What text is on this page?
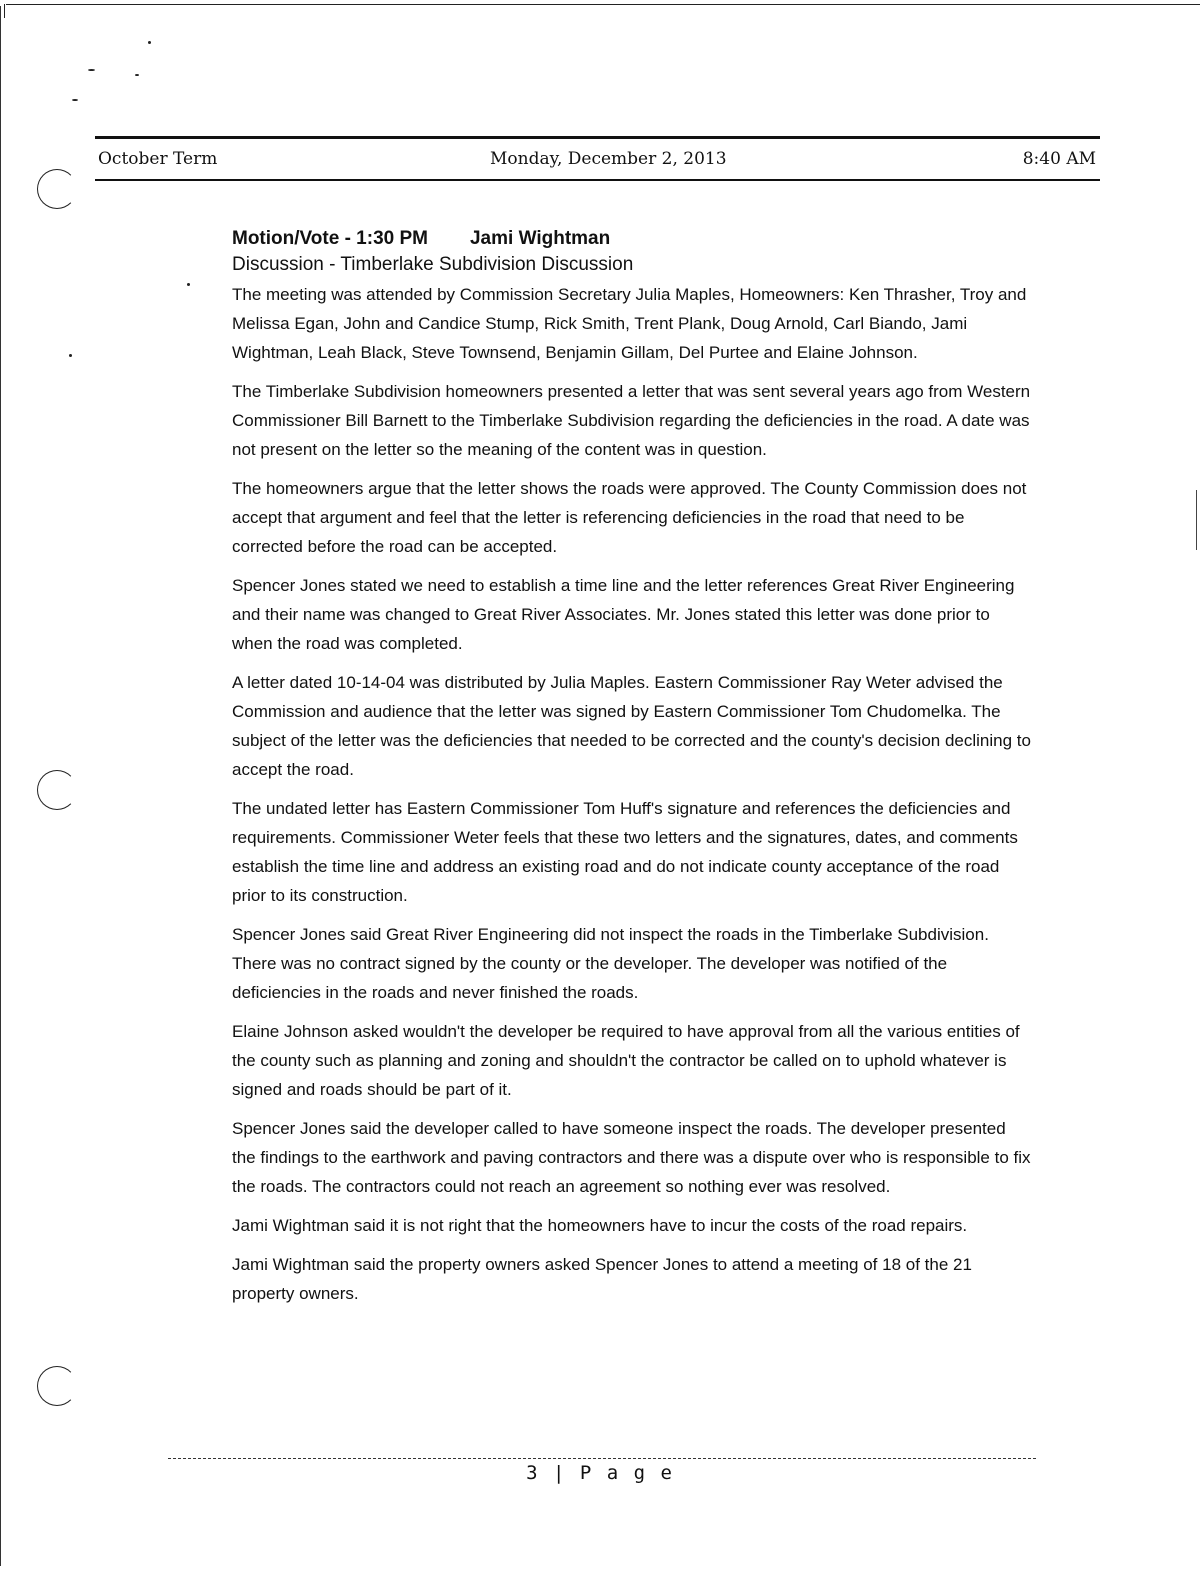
October Term	Monday, December 2, 2013	8:40 AM
Motion/Vote - 1:30 PM Jami Wightman
Discussion - Timberlake Subdivision Discussion

The meeting was attended by Commission Secretary Julia Maples, Homeowners: Ken Thrasher, Troy and Melissa Egan, John and Candice Stump, Rick Smith, Trent Plank, Doug Arnold, Carl Biando, Jami Wightman, Leah Black, Steve Townsend, Benjamin Gillam, Del Purtee and Elaine Johnson.

The Timberlake Subdivision homeowners presented a letter that was sent several years ago from Western Commissioner Bill Barnett to the Timberlake Subdivision regarding the deficiencies in the road. A date was not present on the letter so the meaning of the content was in question.

The homeowners argue that the letter shows the roads were approved. The County Commission does not accept that argument and feel that the letter is referencing deficiencies in the road that need to be corrected before the road can be accepted.

Spencer Jones stated we need to establish a time line and the letter references Great River Engineering and their name was changed to Great River Associates. Mr. Jones stated this letter was done prior to when the road was completed.

A letter dated 10-14-04 was distributed by Julia Maples. Eastern Commissioner Ray Weter advised the Commission and audience that the letter was signed by Eastern Commissioner Tom Chudomelka. The subject of the letter was the deficiencies that needed to be corrected and the county's decision declining to accept the road.

The undated letter has Eastern Commissioner Tom Huff's signature and references the deficiencies and requirements. Commissioner Weter feels that these two letters and the signatures, dates, and comments establish the time line and address an existing road and do not indicate county acceptance of the road prior to its construction.

Spencer Jones said Great River Engineering did not inspect the roads in the Timberlake Subdivision. There was no contract signed by the county or the developer. The developer was notified of the deficiencies in the roads and never finished the roads.

Elaine Johnson asked wouldn't the developer be required to have approval from all the various entities of the county such as planning and zoning and shouldn't the contractor be called on to uphold whatever is signed and roads should be part of it.

Spencer Jones said the developer called to have someone inspect the roads. The developer presented the findings to the earthwork and paving contractors and there was a dispute over who is responsible to fix the roads. The contractors could not reach an agreement so nothing ever was resolved.

Jami Wightman said it is not right that the homeowners have to incur the costs of the road repairs.

Jami Wightman said the property owners asked Spencer Jones to attend a meeting of 18 of the 21 property owners.

3 | P a g e
